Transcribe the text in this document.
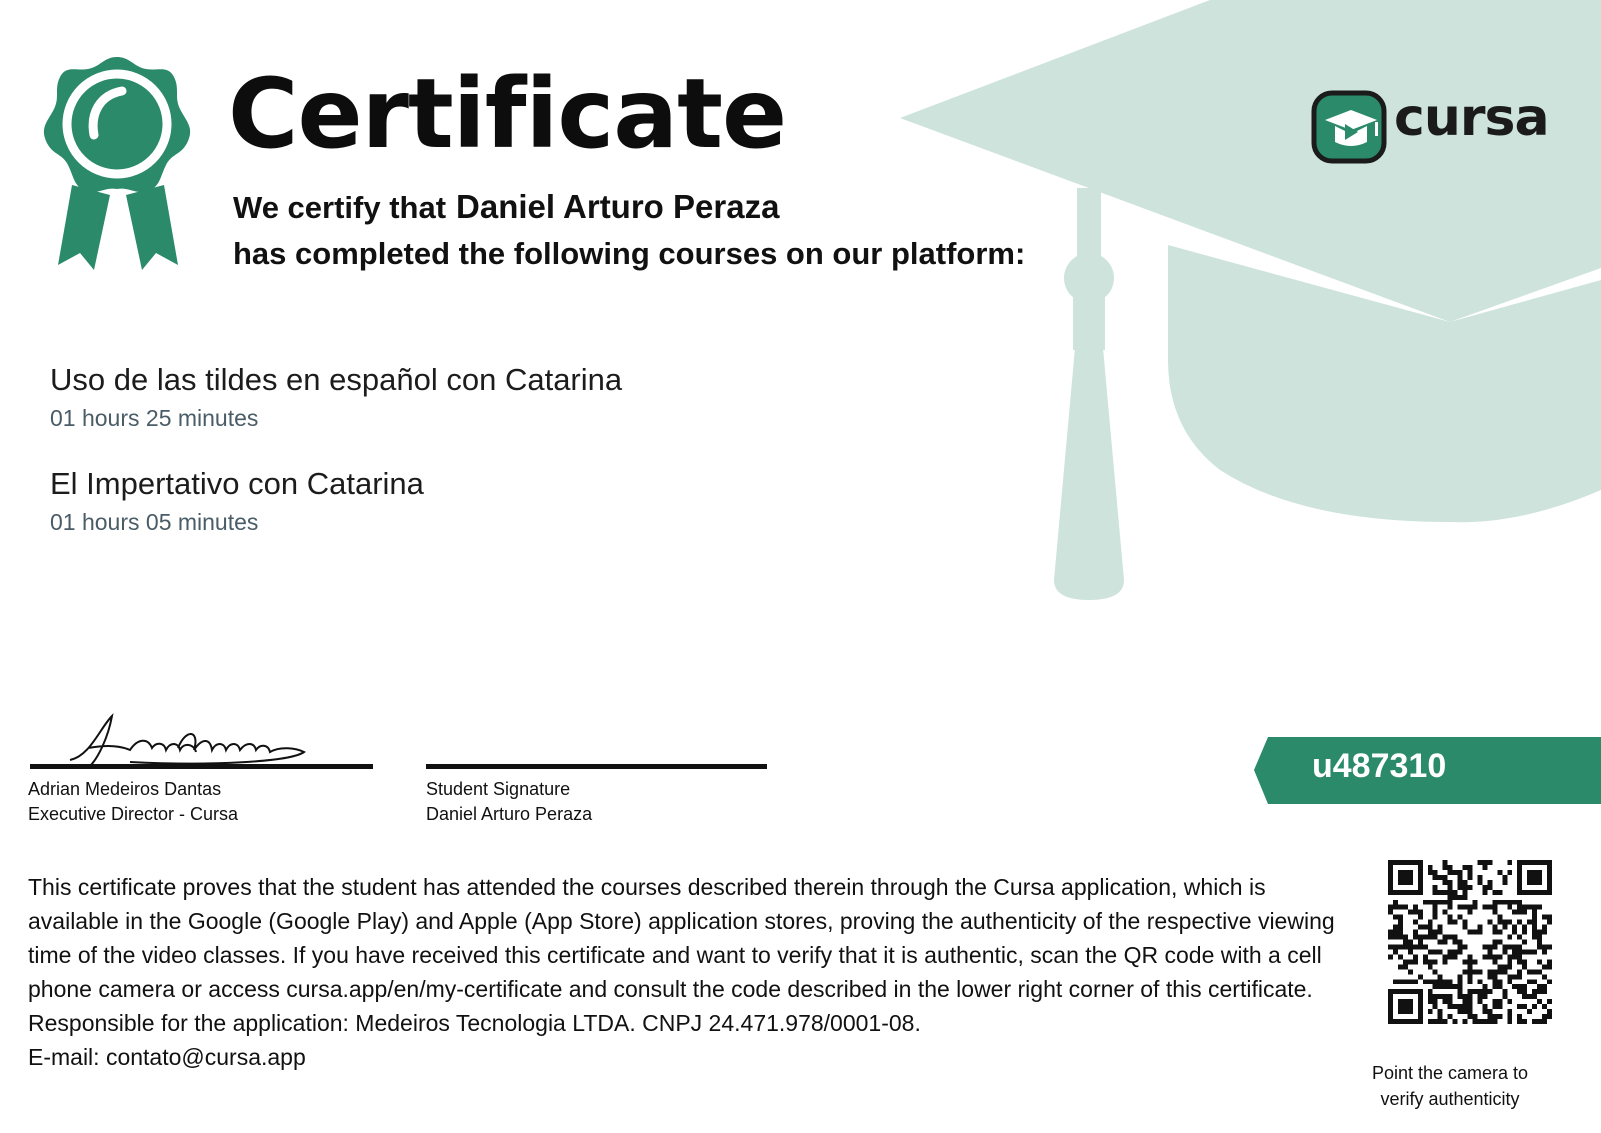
Certificate
We certify that Daniel Arturo Peraza
has completed the following courses on our platform:
cursa
Uso de las tildes en español con Catarina
01 hours 25 minutes
El Impertativo con Catarina
01 hours 05 minutes
Adrian Medeiros Dantas
Executive Director - Cursa
Student Signature
Daniel Arturo Peraza
u487310

This certificate proves that the student has attended the courses described therein through the Cursa application, which is available in the Google (Google Play) and Apple (App Store) application stores, proving the authenticity of the respective viewing time of the video classes. If you have received this certificate and want to verify that it is authentic, scan the QR code with a cell phone camera or access cursa.app/en/my-certificate and consult the code described in the lower right corner of this certificate.

Responsible for the application: Medeiros Tecnologia LTDA. CNPJ 24.471.978/0001-08.

E-mail: contato@cursa.app

Point the camera to
verify authenticity
